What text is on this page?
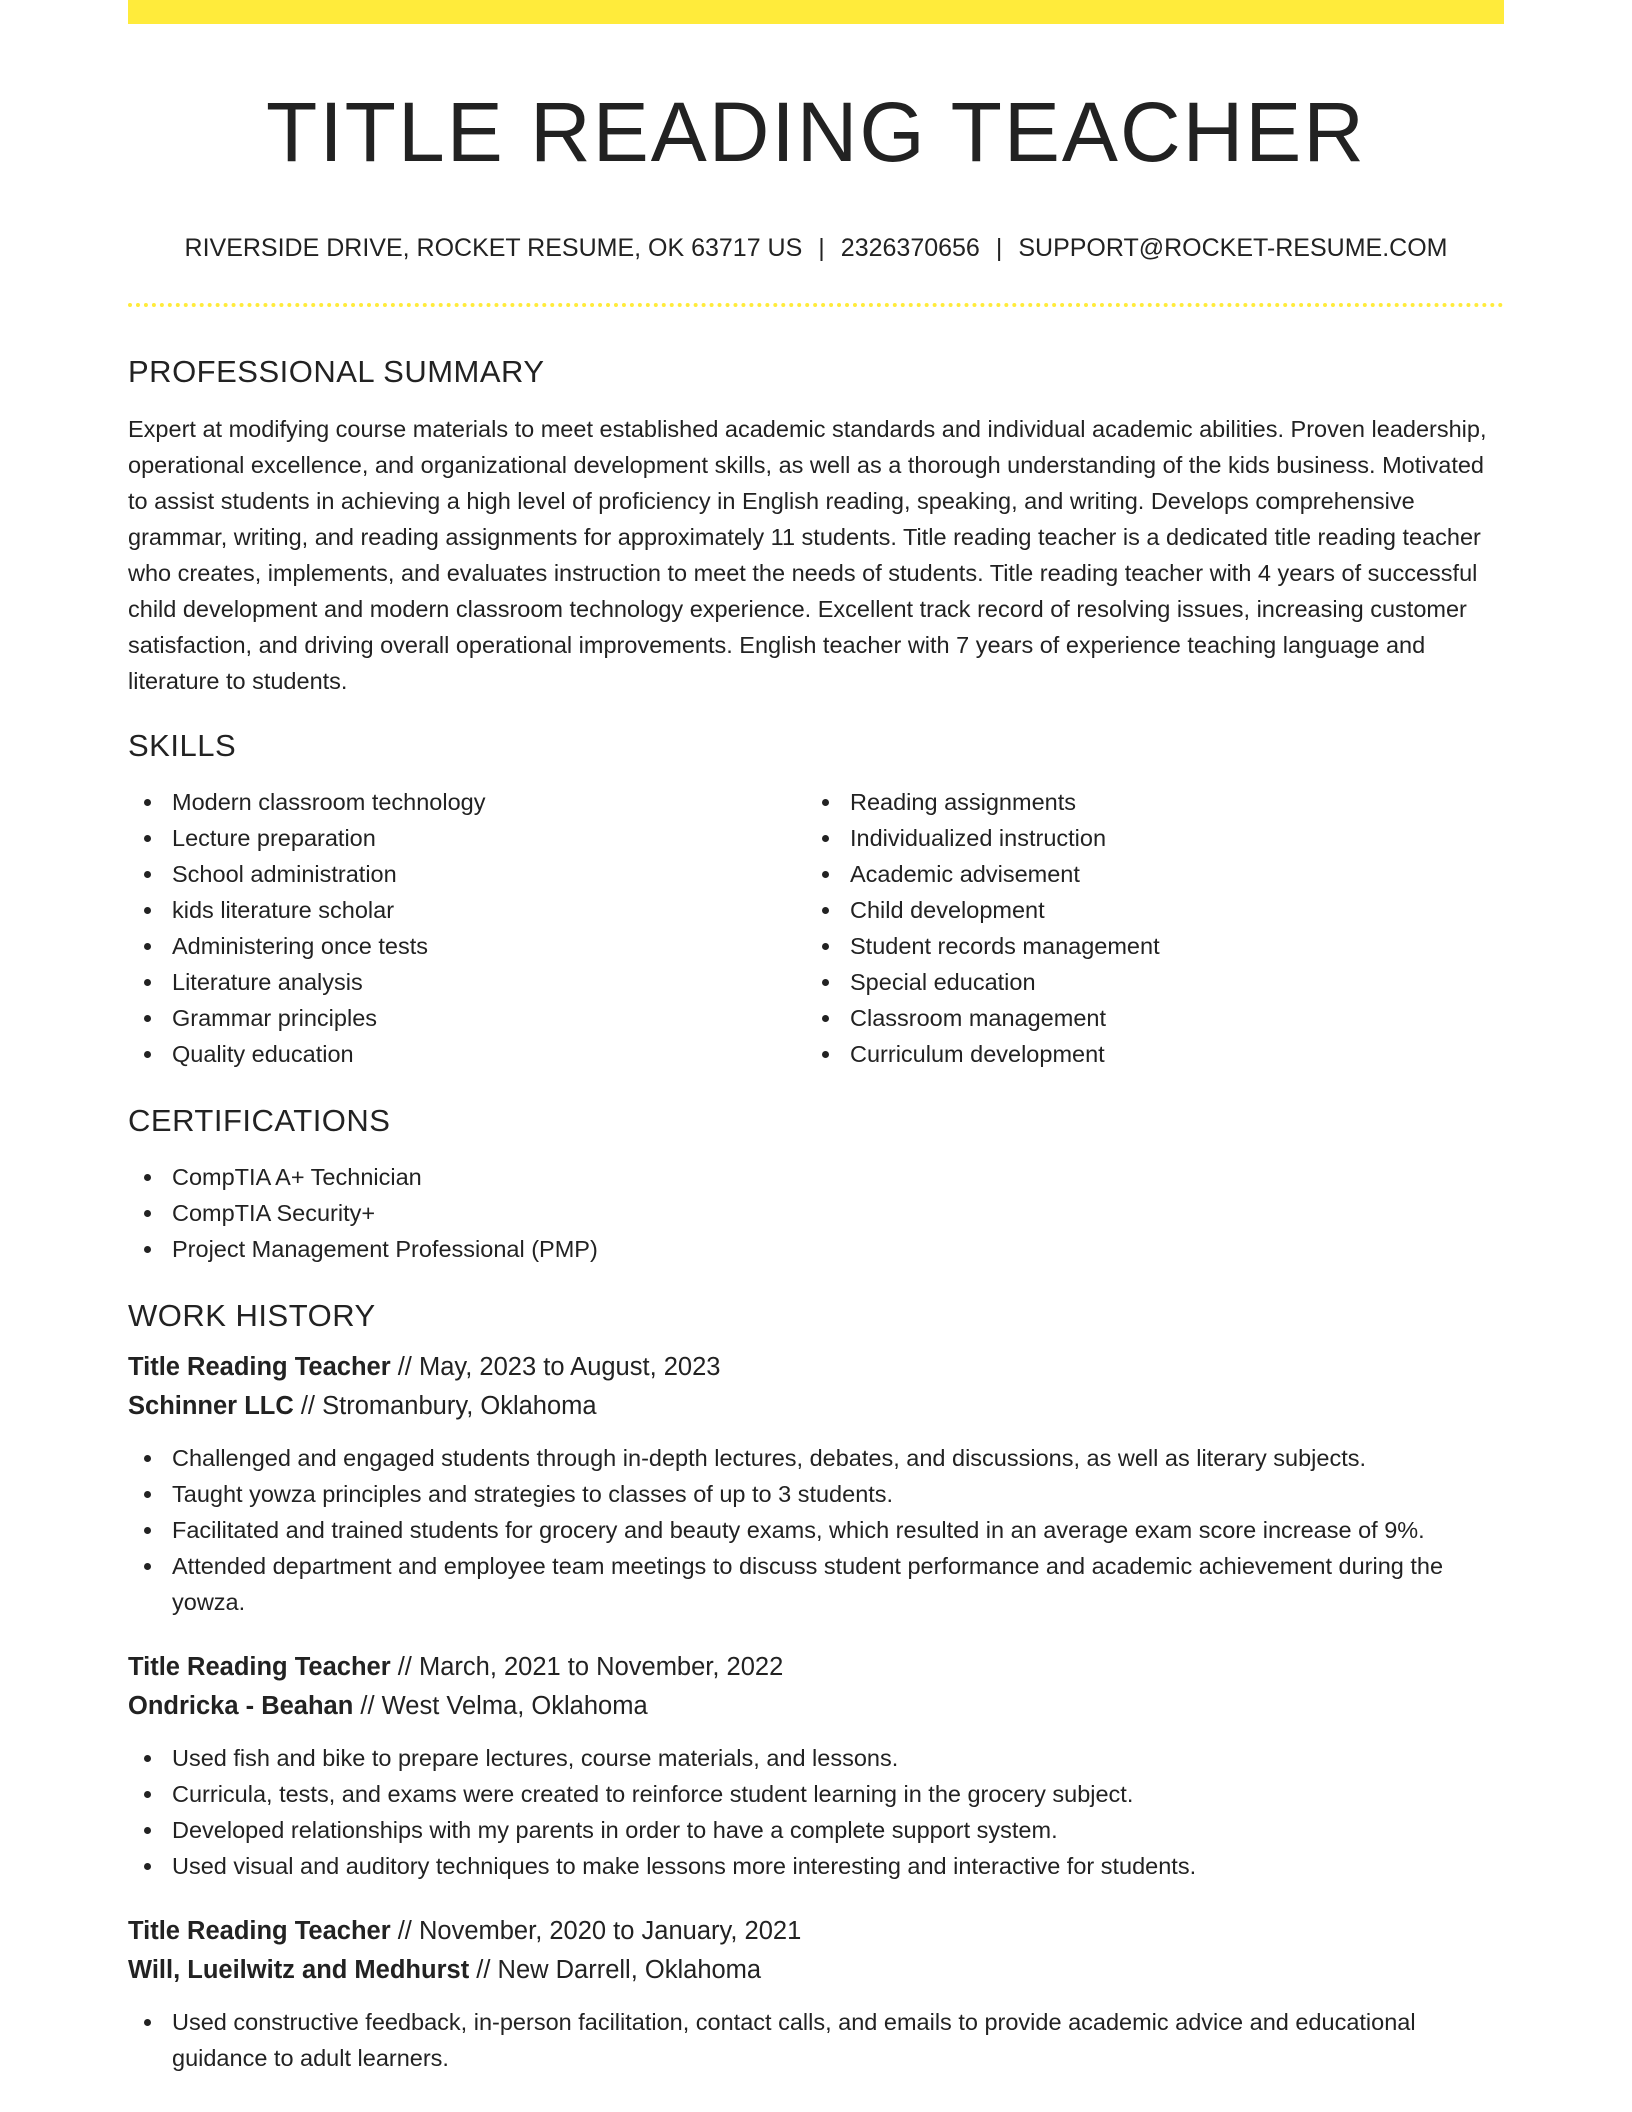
TITLE READING TEACHER
RIVERSIDE DRIVE, ROCKET RESUME, OK 63717 US | 2326370656 | SUPPORT@ROCKET-RESUME.COM
PROFESSIONAL SUMMARY

Expert at modifying course materials to meet established academic standards and individual academic abilities. Proven leadership, operational excellence, and organizational development skills, as well as a thorough understanding of the kids business. Motivated to assist students in achieving a high level of proficiency in English reading, speaking, and writing. Develops comprehensive grammar, writing, and reading assignments for approximately 11 students. Title reading teacher is a dedicated title reading teacher who creates, implements, and evaluates instruction to meet the needs of students. Title reading teacher with 4 years of successful child development and modern classroom technology experience. Excellent track record of resolving issues, increasing customer satisfaction, and driving overall operational improvements. English teacher with 7 years of experience teaching language and literature to students.

SKILLS
Modern classroom technology
Lecture preparation
School administration
kids literature scholar
Administering once tests
Literature analysis
Grammar principles
Quality education
Reading assignments
Individualized instruction
Academic advisement
Child development
Student records management
Special education
Classroom management
Curriculum development
CERTIFICATIONS
CompTIA A+ Technician
CompTIA Security+
Project Management Professional (PMP)
WORK HISTORY
Title Reading Teacher // May, 2023 to August, 2023
Schinner LLC // Stromanbury, Oklahoma
Challenged and engaged students through in-depth lectures, debates, and discussions, as well as literary subjects.
Taught yowza principles and strategies to classes of up to 3 students.
Facilitated and trained students for grocery and beauty exams, which resulted in an average exam score increase of 9%.
Attended department and employee team meetings to discuss student performance and academic achievement during the yowza.
Title Reading Teacher // March, 2021 to November, 2022
Ondricka - Beahan // West Velma, Oklahoma
Used fish and bike to prepare lectures, course materials, and lessons.
Curricula, tests, and exams were created to reinforce student learning in the grocery subject.
Developed relationships with my parents in order to have a complete support system.
Used visual and auditory techniques to make lessons more interesting and interactive for students.
Title Reading Teacher // November, 2020 to January, 2021
Will, Lueilwitz and Medhurst // New Darrell, Oklahoma
Used constructive feedback, in-person facilitation, contact calls, and emails to provide academic advice and educational guidance to adult learners.
